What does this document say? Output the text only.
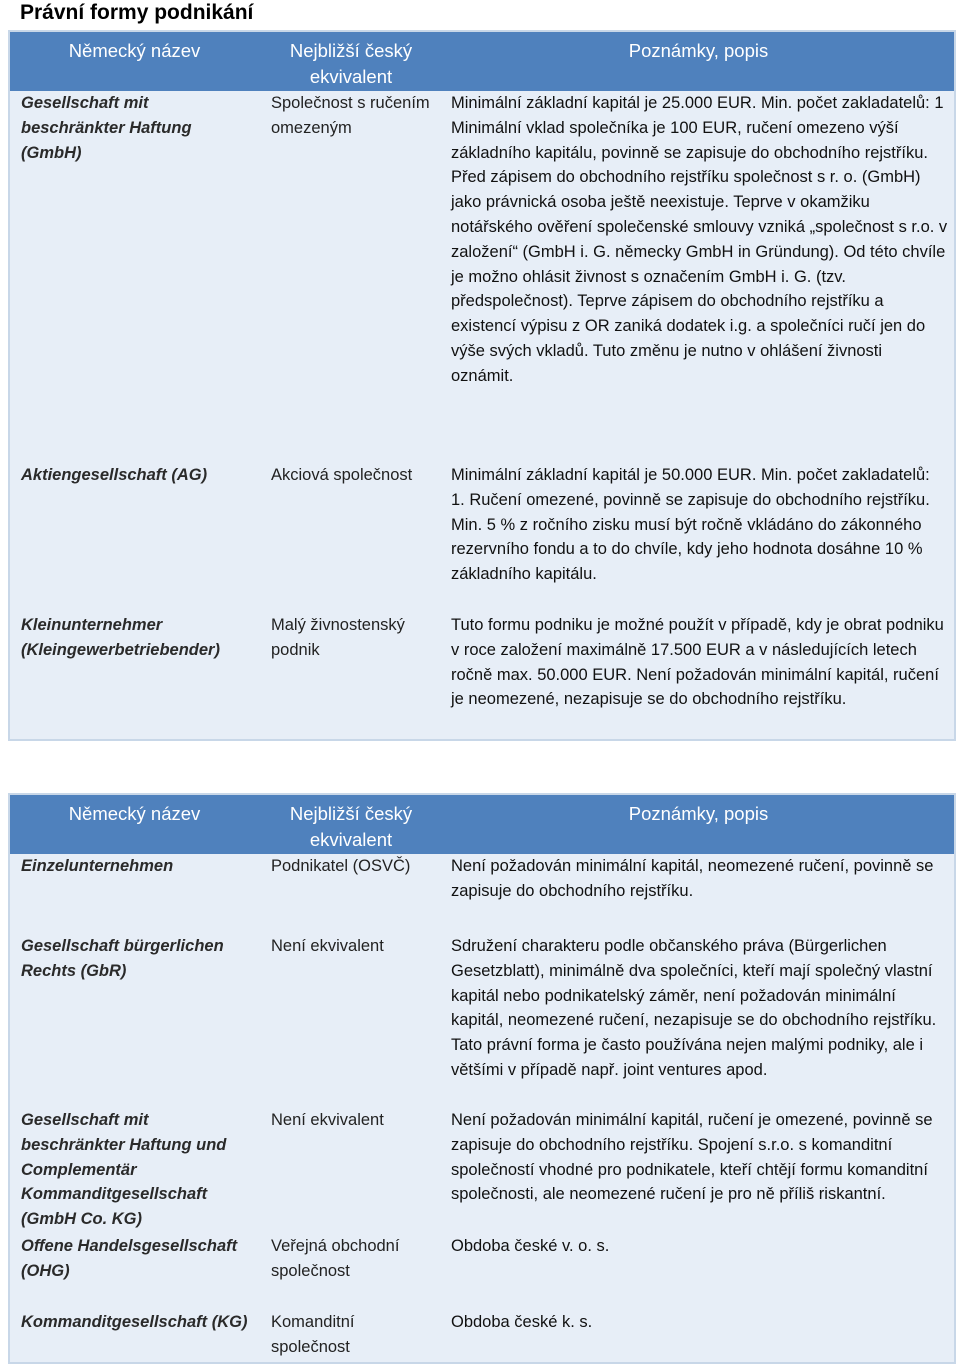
Právní formy podnikání
Německý název	Nejbližší český ekvivalent	Poznámky, popis
Gesellschaft mit beschränkter Haftung (GmbH)	Společnost s ručením omezeným	Minimální základní kapitál je 25.000 EUR. Min. počet zakladatelů: 1 Minimální vklad společníka je 100 EUR, ručení omezeno výší základního kapitálu, povinně se zapisuje do obchodního rejstříku. Před zápisem do obchodního rejstříku společnost s r. o. (GmbH) jako právnická osoba ještě neexistuje. Teprve v okamžiku notářského ověření společenské smlouvy vzniká „společnost s r.o. v založení“ (GmbH i. G. německy GmbH in Gründung). Od této chvíle je možno ohlásit živnost s označením GmbH i. G. (tzv. předspolečnost). Teprve zápisem do obchodního rejstříku a existencí výpisu z OR zaniká dodatek i.g. a společníci ručí jen do výše svých vkladů. Tuto změnu je nutno v ohlášení živnosti oznámit.
Aktiengesellschaft (AG)	Akciová společnost	Minimální základní kapitál je 50.000 EUR. Min. počet zakladatelů: 1. Ručení omezené, povinně se zapisuje do obchodního rejstříku. Min. 5 % z ročního zisku musí být ročně vkládáno do zákonného rezervního fondu a to do chvíle, kdy jeho hodnota dosáhne 10 % základního kapitálu.
Kleinunternehmer (Kleingewerbetriebender)	Malý živnostenský podnik	Tuto formu podniku je možné použít v případě, kdy je obrat podniku v roce založení maximálně 17.500 EUR a v následujících letech ročně max. 50.000 EUR. Není požadován minimální kapitál, ručení je neomezené, nezapisuje se do obchodního rejstříku.
Německý název	Nejbližší český ekvivalent	Poznámky, popis
Einzelunternehmen	Podnikatel (OSVČ)	Není požadován minimální kapitál, neomezené ručení, povinně se zapisuje do obchodního rejstříku.
Gesellschaft bürgerlichen Rechts (GbR)	Není ekvivalent	Sdružení charakteru podle občanského práva (Bürgerlichen Gesetzblatt), minimálně dva společníci, kteří mají společný vlastní kapitál nebo podnikatelský záměr, není požadován minimální kapitál, neomezené ručení, nezapisuje se do obchodního rejstříku. Tato právní forma je často používána nejen malými podniky, ale i většími v případě např. joint ventures apod.
Gesellschaft mit beschränkter Haftung und Complementär Kommanditgesellschaft (GmbH Co. KG)	Není ekvivalent	Není požadován minimální kapitál, ručení je omezené, povinně se zapisuje do obchodního rejstříku. Spojení s.r.o. s komanditní společností vhodné pro podnikatele, kteří chtějí formu komanditní společnosti, ale neomezené ručení je pro ně příliš riskantní.
Offene Handelsgesellschaft (OHG)	Veřejná obchodní společnost	Obdoba české v. o. s.
Kommanditgesellschaft (KG)	Komanditní společnost	Obdoba české k. s.
